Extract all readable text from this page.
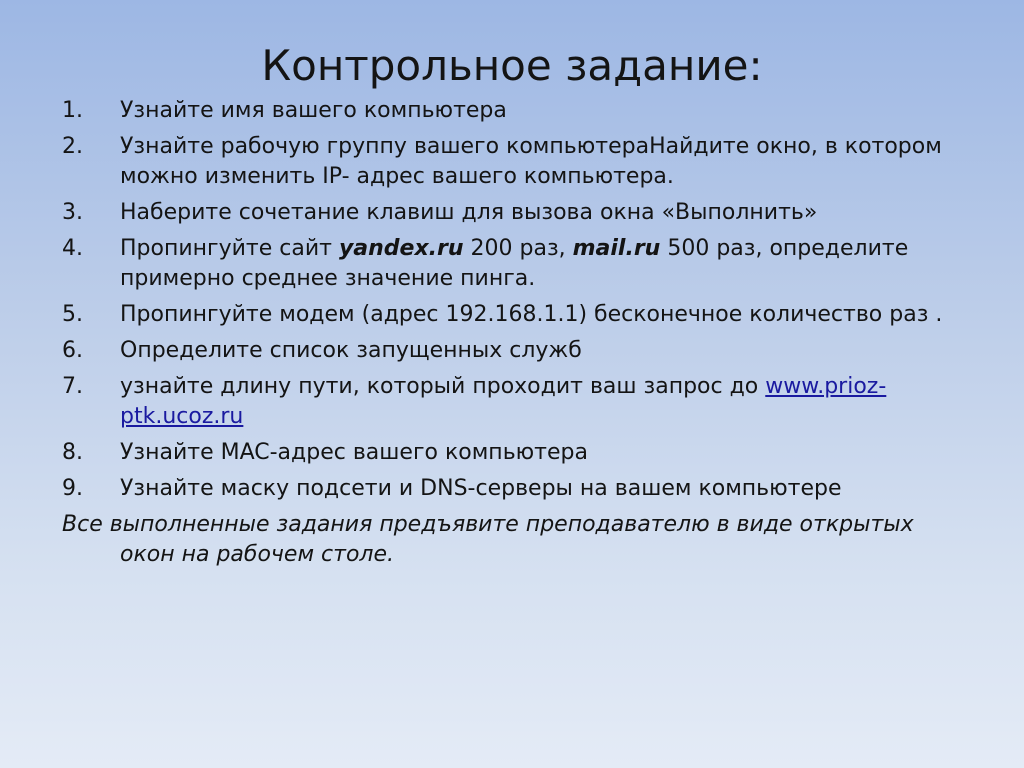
Контрольное задание:
1. Узнайте имя вашего компьютера
2. Узнайте рабочую группу вашего компьютераНайдите окно, в котором можно изменить IP- адрес вашего компьютера.
3. Наберите сочетание клавиш для вызова окна «Выполнить»
4. Пропингуйте сайт yandex.ru 200 раз, mail.ru 500 раз, определите примерно среднее значение пинга.
5. Пропингуйте модем (адрес 192.168.1.1) бесконечное количество раз .
6. Определите список запущенных служб
7. узнайте длину пути, который проходит ваш запрос до www.prioz-ptk.ucoz.ru
8. Узнайте MAC-адрес вашего компьютера
9. Узнайте маску подсети и DNS-серверы на вашем компьютере
Все выполненные задания предъявите преподавателю в виде открытых окон на рабочем столе.
